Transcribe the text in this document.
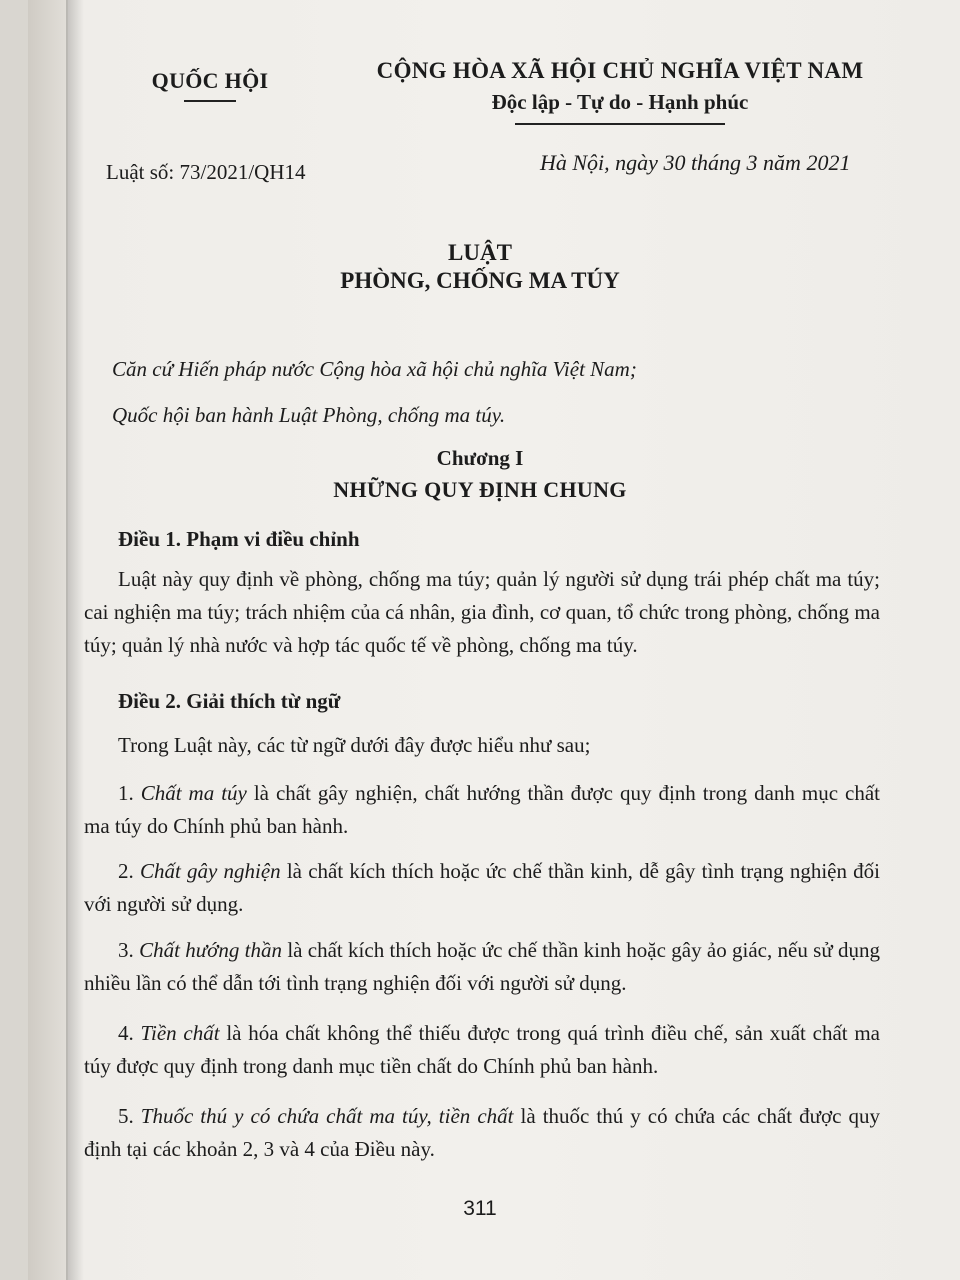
QUỐC HỘI	CỘNG HÒA XÃ HỘI CHỦ NGHĨA VIỆT NAM
Độc lập - Tự do - Hạnh phúc
Luật số: 73/2021/QH14	Hà Nội, ngày 30 tháng 3 năm 2021
LUẬT
PHÒNG, CHỐNG MA TÚY
Căn cứ Hiến pháp nước Cộng hòa xã hội chủ nghĩa Việt Nam;
Quốc hội ban hành Luật Phòng, chống ma túy.
Chương I
NHỮNG QUY ĐỊNH CHUNG
Điều 1. Phạm vi điều chỉnh
Luật này quy định về phòng, chống ma túy; quản lý người sử dụng trái phép chất ma túy; cai nghiện ma túy; trách nhiệm của cá nhân, gia đình, cơ quan, tổ chức trong phòng, chống ma túy; quản lý nhà nước và hợp tác quốc tế về phòng, chống ma túy.
Điều 2. Giải thích từ ngữ
Trong Luật này, các từ ngữ dưới đây được hiểu như sau;
1. Chất ma túy là chất gây nghiện, chất hướng thần được quy định trong danh mục chất ma túy do Chính phủ ban hành.
2. Chất gây nghiện là chất kích thích hoặc ức chế thần kinh, dễ gây tình trạng nghiện đối với người sử dụng.
3. Chất hướng thần là chất kích thích hoặc ức chế thần kinh hoặc gây ảo giác, nếu sử dụng nhiều lần có thể dẫn tới tình trạng nghiện đối với người sử dụng.
4. Tiền chất là hóa chất không thể thiếu được trong quá trình điều chế, sản xuất chất ma túy được quy định trong danh mục tiền chất do Chính phủ ban hành.
5. Thuốc thú y có chứa chất ma túy, tiền chất là thuốc thú y có chứa các chất được quy định tại các khoản 2, 3 và 4 của Điều này.
311
